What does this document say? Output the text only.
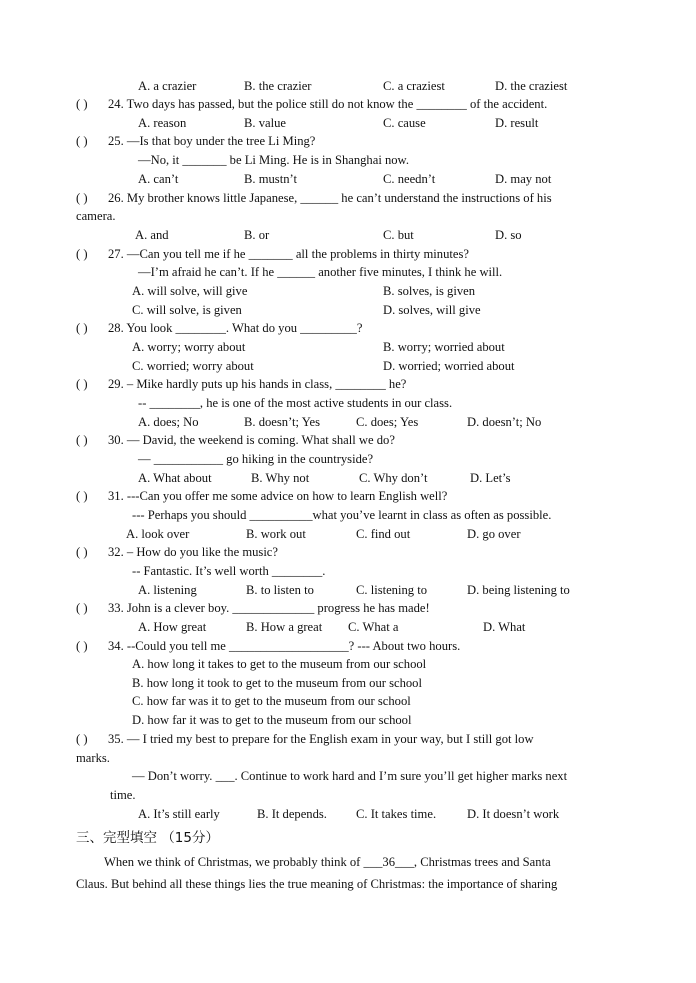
A. a crazier	B. the crazier	C. a craziest	D. the craziest
( ) 24. Two days has passed, but the police still do not know the ________ of the accident.
A. reason	B. value	C. cause	D. result
( ) 25. —Is that boy under the tree Li Ming?
—No, it _______ be Li Ming. He is in Shanghai now.
A. can’t	B. mustn’t	C. needn’t	D. may not
( ) 26. My brother knows little Japanese, ______ he can’t understand the instructions of his
camera.
A. and	B. or	C. but	D. so
( ) 27. —Can you tell me if he _______ all the problems in thirty minutes?
—I’m afraid he can’t. If he ______ another five minutes, I think he will.
A. will solve, will give	B. solves, is given
C. will solve, is given	D. solves, will give
( ) 28. You look ________. What do you _________?
A. worry; worry about	B. worry; worried about
C. worried; worry about	D. worried; worried about
( ) 29. – Mike hardly puts up his hands in class, ________ he?
-- ________, he is one of the most active students in our class.
A. does; No	B. doesn’t; Yes	C. does; Yes	D. doesn’t; No
( ) 30. — David, the weekend is coming. What shall we do?
— ___________ go hiking in the countryside?
A. What about	B. Why not	C. Why don’t	D. Let’s
( ) 31. ---Can you offer me some advice on how to learn English well?
--- Perhaps you should __________what you’ve learnt in class as often as possible.
A. look over	B. work out	C. find out	D. go over
( ) 32. – How do you like the music?
-- Fantastic. It’s well worth ________.
A. listening	B. to listen to	C. listening to	D. being listening to
( ) 33. John is a clever boy. _____________ progress he has made!
A. How great	B. How a great C. What a	D. What
( ) 34. --Could you tell me ___________________? --- About two hours.
A. how long it takes to get to the museum from our school
B. how long it took to get to the museum from our school
C. how far was it to get to the museum from our school
D. how far it was to get to the museum from our school
( ) 35. — I tried my best to prepare for the English exam in your way, but I still got low
marks.
— Don’t worry. ___. Continue to work hard and I’m sure you’ll get higher marks next
time.
A. It’s still early	B. It depends. C. It takes time. D. It doesn’t work
三、完型填空 （15分）
When we think of Christmas, we probably think of ___36___, Christmas trees and Santa
Claus. But behind all these things lies the true meaning of Christmas: the importance of sharing
